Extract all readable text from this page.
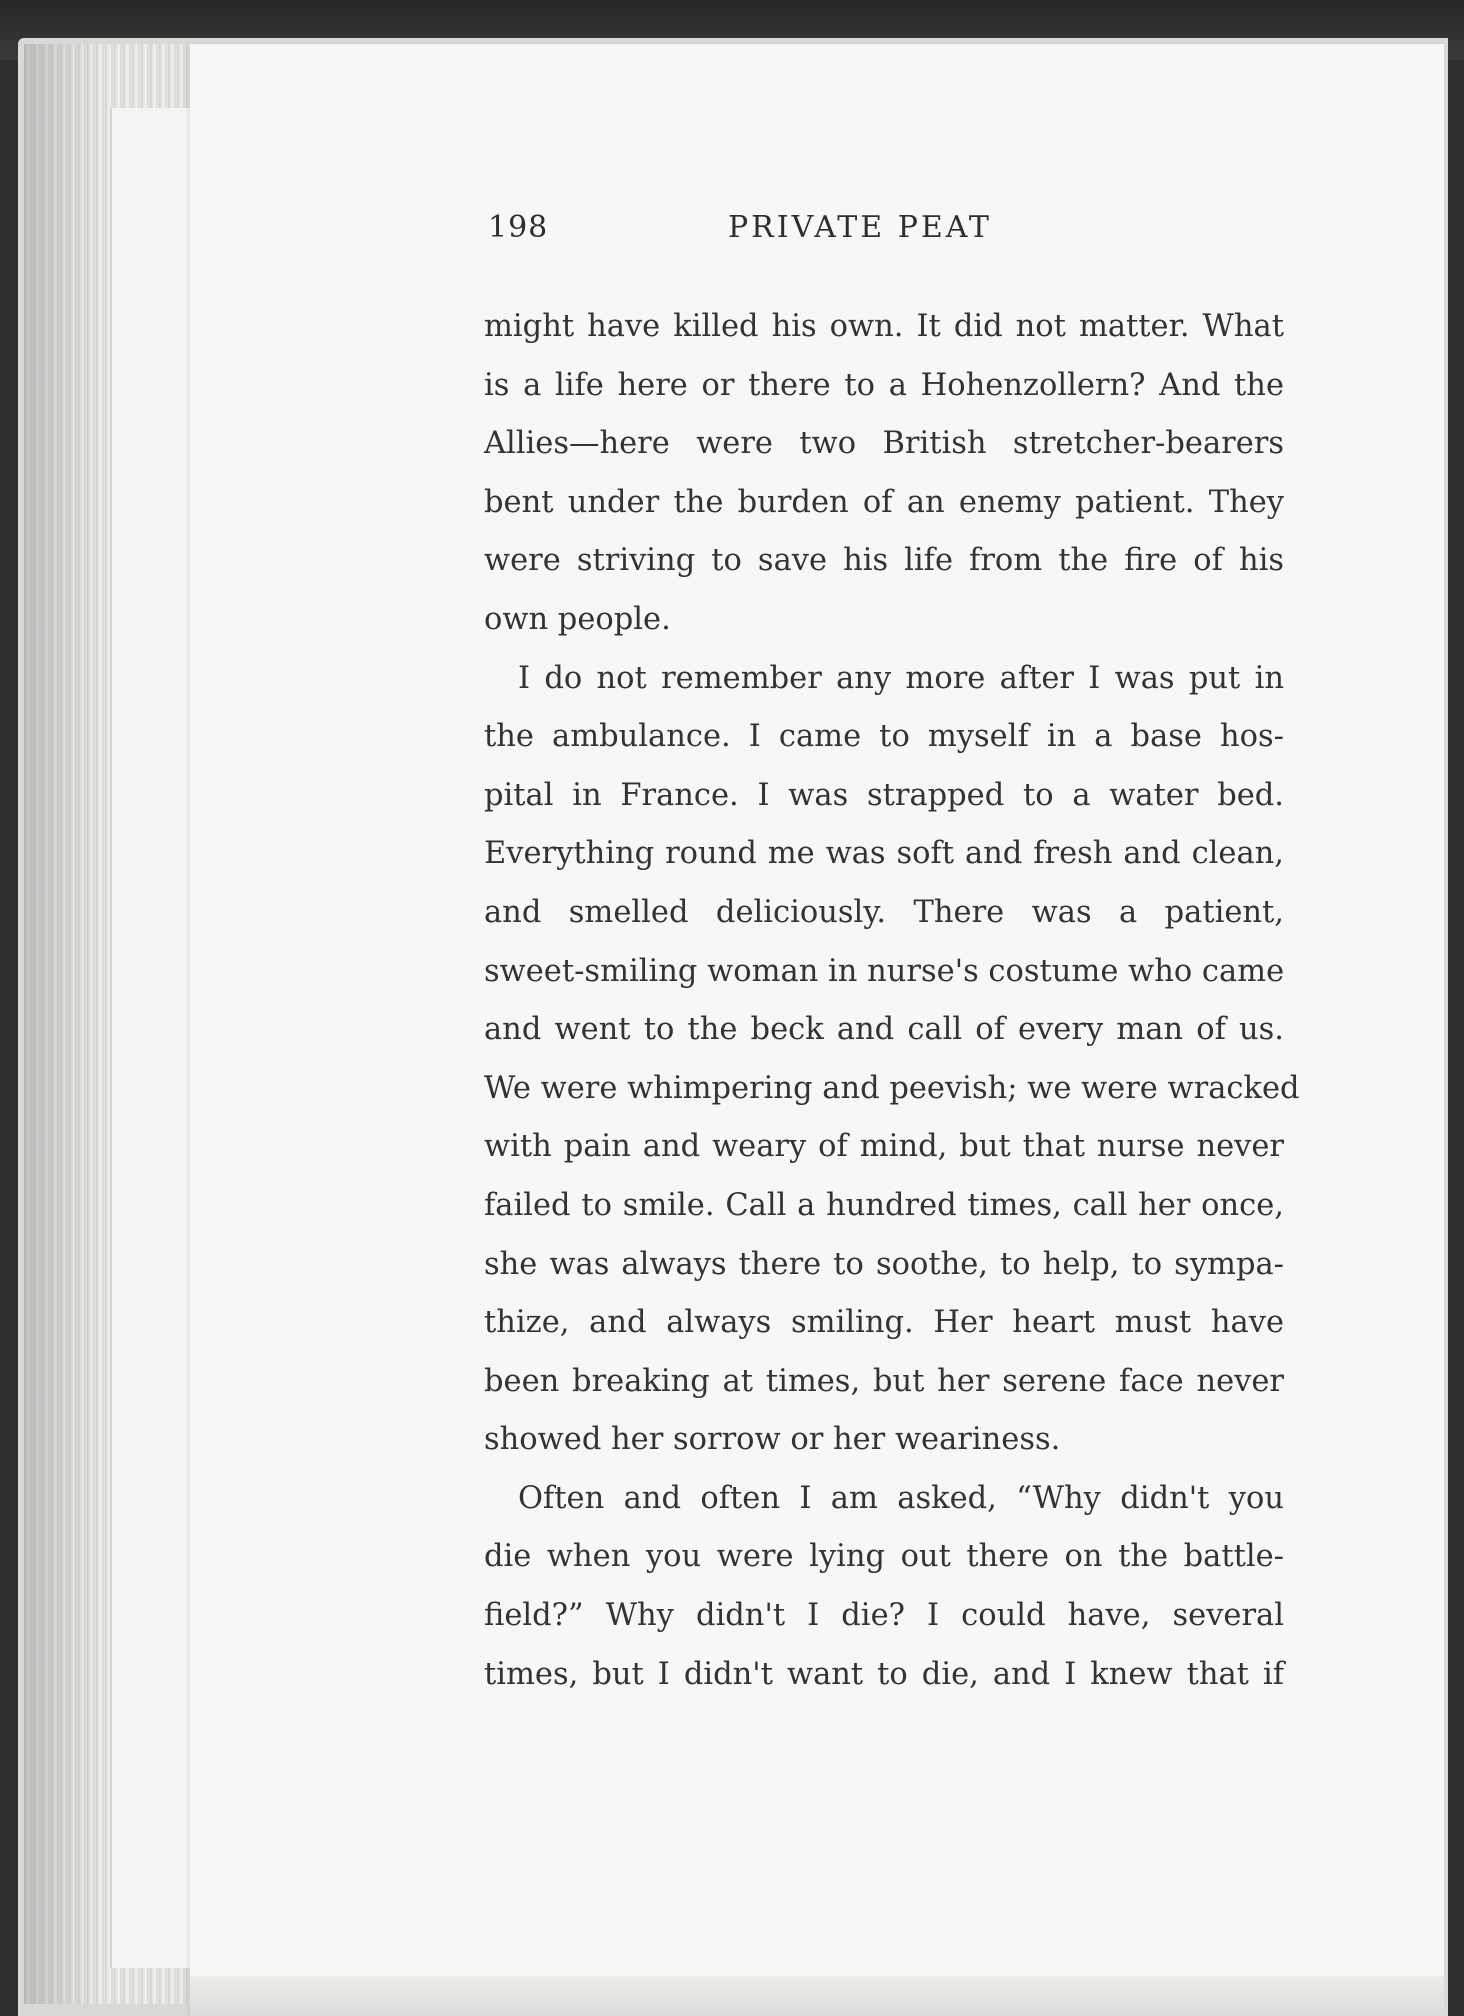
198	PRIVATE PEAT
might have killed his own. It did not matter. What
is a life here or there to a Hohenzollern? And the
Allies—here were two British stretcher-bearers
bent under the burden of an enemy patient. They
were striving to save his life from the fire of his
own people.
I do not remember any more after I was put in
the ambulance. I came to myself in a base hos-
pital in France. I was strapped to a water bed.
Everything round me was soft and fresh and clean,
and smelled deliciously. There was a patient,
sweet-smiling woman in nurse's costume who came
and went to the beck and call of every man of us.
We were whimpering and peevish; we were wracked
with pain and weary of mind, but that nurse never
failed to smile. Call a hundred times, call her once,
she was always there to soothe, to help, to sympa-
thize, and always smiling. Her heart must have
been breaking at times, but her serene face never
showed her sorrow or her weariness.
Often and often I am asked, “Why didn't you
die when you were lying out there on the battle-
field?” Why didn't I die? I could have, several
times, but I didn't want to die, and I knew that if
